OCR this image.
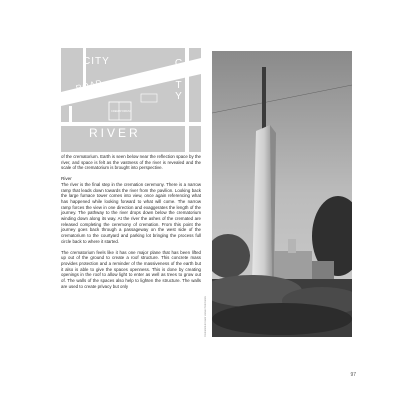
CITY	CITY
ROAD
RIVER
CREMATORIUM

of the crematorium. Earth is seen below near the reflection space by the river, and space is felt as the vastness of the river is revealed and the scale of the crematorium is brought into perspective.

River

The river is the final step in the cremation ceremony. There is a narrow ramp that leads down towards the river from the pavilion. Looking back the large furnace tower comes into view, once again referencing what has happened while looking forward to what will come. The narrow ramp forces the view in one direction and exaggerates the length of the journey. The pathway to the river drops down below the crematorium winding down along its way. At the river the ashes of the cremated are released completing the ceremony of cremation. From this point the journey goes back through a passageway on the west side of the crematorium to the courtyard and parking lot bringing the process full circle back to where it started.

The crematorium feels like it has one major plane that has been lifted up out of the ground to create a roof structure. This concrete mass provides protection and a reminder of the massiveness of the earth but it also is able to give the spaces openness. This is done by creating openings in the roof to allow light to enter as well as trees to grow out of. The walls of the spaces also help to lighten the structure. The walls are used to create privacy but only

Crematorium tower viewed from below
97
